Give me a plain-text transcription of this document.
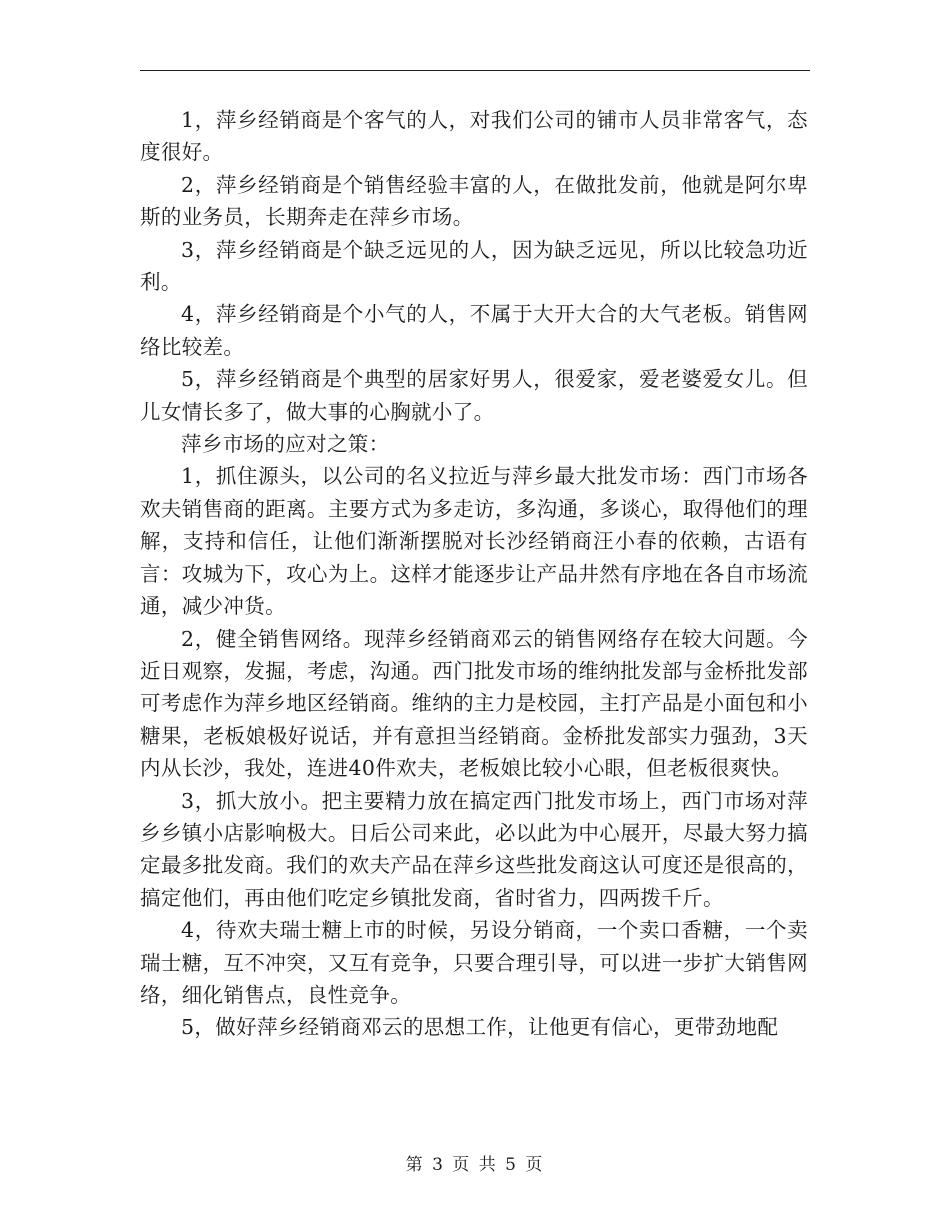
1，萍乡经销商是个客气的人，对我们公司的铺市人员非常客气，态度很好。

2，萍乡经销商是个销售经验丰富的人，在做批发前，他就是阿尔卑斯的业务员，长期奔走在萍乡市场。

3，萍乡经销商是个缺乏远见的人，因为缺乏远见，所以比较急功近利。

4，萍乡经销商是个小气的人，不属于大开大合的大气老板。销售网络比较差。

5，萍乡经销商是个典型的居家好男人，很爱家，爱老婆爱女儿。但儿女情长多了，做大事的心胸就小了。

萍乡市场的应对之策：

1，抓住源头，以公司的名义拉近与萍乡最大批发市场：西门市场各欢夫销售商的距离。主要方式为多走访，多沟通，多谈心，取得他们的理解，支持和信任，让他们渐渐摆脱对长沙经销商汪小春的依赖，古语有言：攻城为下，攻心为上。这样才能逐步让产品井然有序地在各自市场流通，减少冲货。

2，健全销售网络。现萍乡经销商邓云的销售网络存在较大问题。今近日观察，发掘，考虑，沟通。西门批发市场的维纳批发部与金桥批发部可考虑作为萍乡地区经销商。维纳的主力是校园，主打产品是小面包和小糖果，老板娘极好说话，并有意担当经销商。金桥批发部实力强劲，3天内从长沙，我处，连进40件欢夫，老板娘比较小心眼，但老板很爽快。

3，抓大放小。把主要精力放在搞定西门批发市场上，西门市场对萍乡乡镇小店影响极大。日后公司来此，必以此为中心展开，尽最大努力搞定最多批发商。我们的欢夫产品在萍乡这些批发商这认可度还是很高的，搞定他们，再由他们吃定乡镇批发商，省时省力，四两拨千斤。

4，待欢夫瑞士糖上市的时候，另设分销商，一个卖口香糖，一个卖瑞士糖，互不冲突，又互有竞争，只要合理引导，可以进一步扩大销售网络，细化销售点，良性竞争。

5，做好萍乡经销商邓云的思想工作，让他更有信心，更带劲地配

第 3 页 共 5 页
